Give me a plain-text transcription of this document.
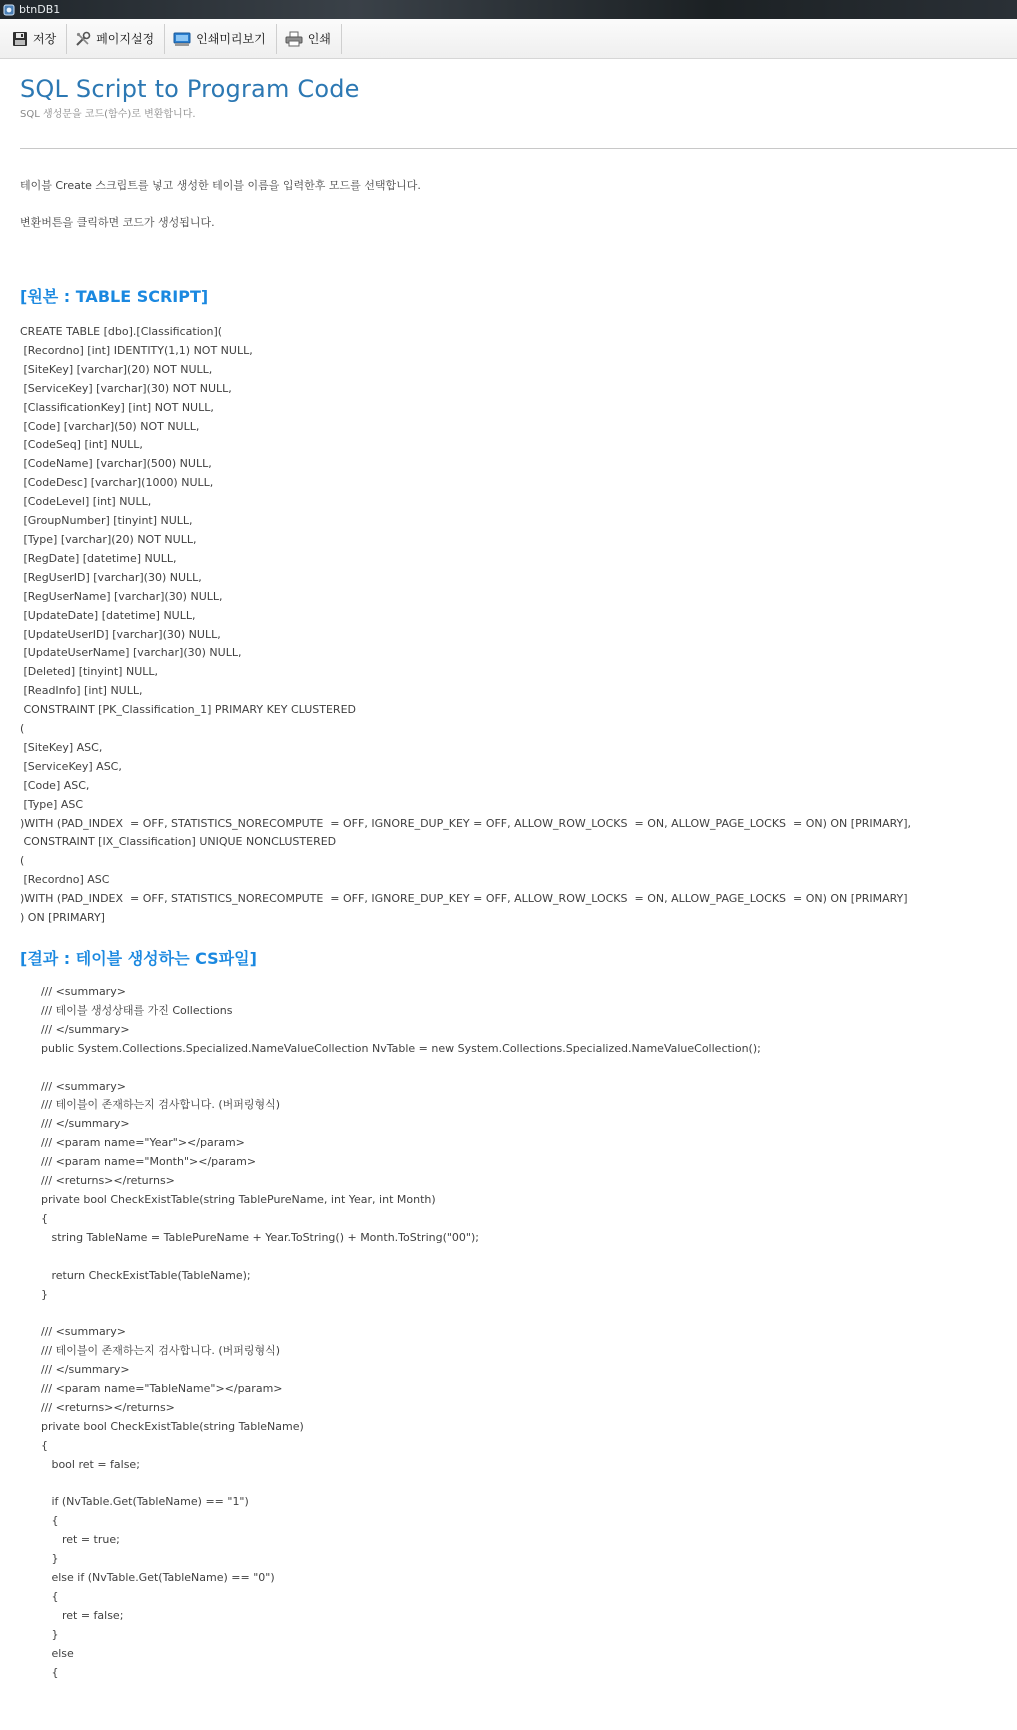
btnDB1
저장	페이지설정	인쇄미리보기	인쇄
SQL Script to Program Code
SQL 생성문을 코드(함수)로 변환합니다.

테이블 Create 스크립트를 넣고 생성한 테이블 이름을 입력한후 모드를 선택합니다.

변환버튼을 클릭하면 코드가 생성됩니다.

[원본 : TABLE SCRIPT]
CREATE TABLE [dbo].[Classification](
[Recordno] [int] IDENTITY(1,1) NOT NULL,
[SiteKey] [varchar](20) NOT NULL,
[ServiceKey] [varchar](30) NOT NULL,
[ClassificationKey] [int] NOT NULL,
[Code] [varchar](50) NOT NULL,
[CodeSeq] [int] NULL,
[CodeName] [varchar](500) NULL,
[CodeDesc] [varchar](1000) NULL,
[CodeLevel] [int] NULL,
[GroupNumber] [tinyint] NULL,
[Type] [varchar](20) NOT NULL,
[RegDate] [datetime] NULL,
[RegUserID] [varchar](30) NULL,
[RegUserName] [varchar](30) NULL,
[UpdateDate] [datetime] NULL,
[UpdateUserID] [varchar](30) NULL,
[UpdateUserName] [varchar](30) NULL,
[Deleted] [tinyint] NULL,
[ReadInfo] [int] NULL,
CONSTRAINT [PK_Classification_1] PRIMARY KEY CLUSTERED
(
[SiteKey] ASC,
[ServiceKey] ASC,
[Code] ASC,
[Type] ASC
)WITH (PAD_INDEX  = OFF, STATISTICS_NORECOMPUTE  = OFF, IGNORE_DUP_KEY = OFF, ALLOW_ROW_LOCKS  = ON, ALLOW_PAGE_LOCKS  = ON) ON [PRIMARY],
CONSTRAINT [IX_Classification] UNIQUE NONCLUSTERED
(
[Recordno] ASC
)WITH (PAD_INDEX  = OFF, STATISTICS_NORECOMPUTE  = OFF, IGNORE_DUP_KEY = OFF, ALLOW_ROW_LOCKS  = ON, ALLOW_PAGE_LOCKS  = ON) ON [PRIMARY]
) ON [PRIMARY]
[결과 : 테이블 생성하는 CS파일]
/// <summary>
/// 테이블 생성상태를 가진 Collections
/// </summary>
public System.Collections.Specialized.NameValueCollection NvTable = new System.Collections.Specialized.NameValueCollection();

/// <summary>
/// 테이블이 존재하는지 검사합니다. (버퍼링형식)
/// </summary>
/// <param name="Year"></param>
/// <param name="Month"></param>
/// <returns></returns>
private bool CheckExistTable(string TablePureName, int Year, int Month)
{
string TableName = TablePureName + Year.ToString() + Month.ToString("00");

return CheckExistTable(TableName);
}

/// <summary>
/// 테이블이 존재하는지 검사합니다. (버퍼링형식)
/// </summary>
/// <param name="TableName"></param>
/// <returns></returns>
private bool CheckExistTable(string TableName)
{
bool ret = false;

if (NvTable.Get(TableName) == "1")
{
ret = true;
}
else if (NvTable.Get(TableName) == "0")
{
ret = false;
}
else
{
